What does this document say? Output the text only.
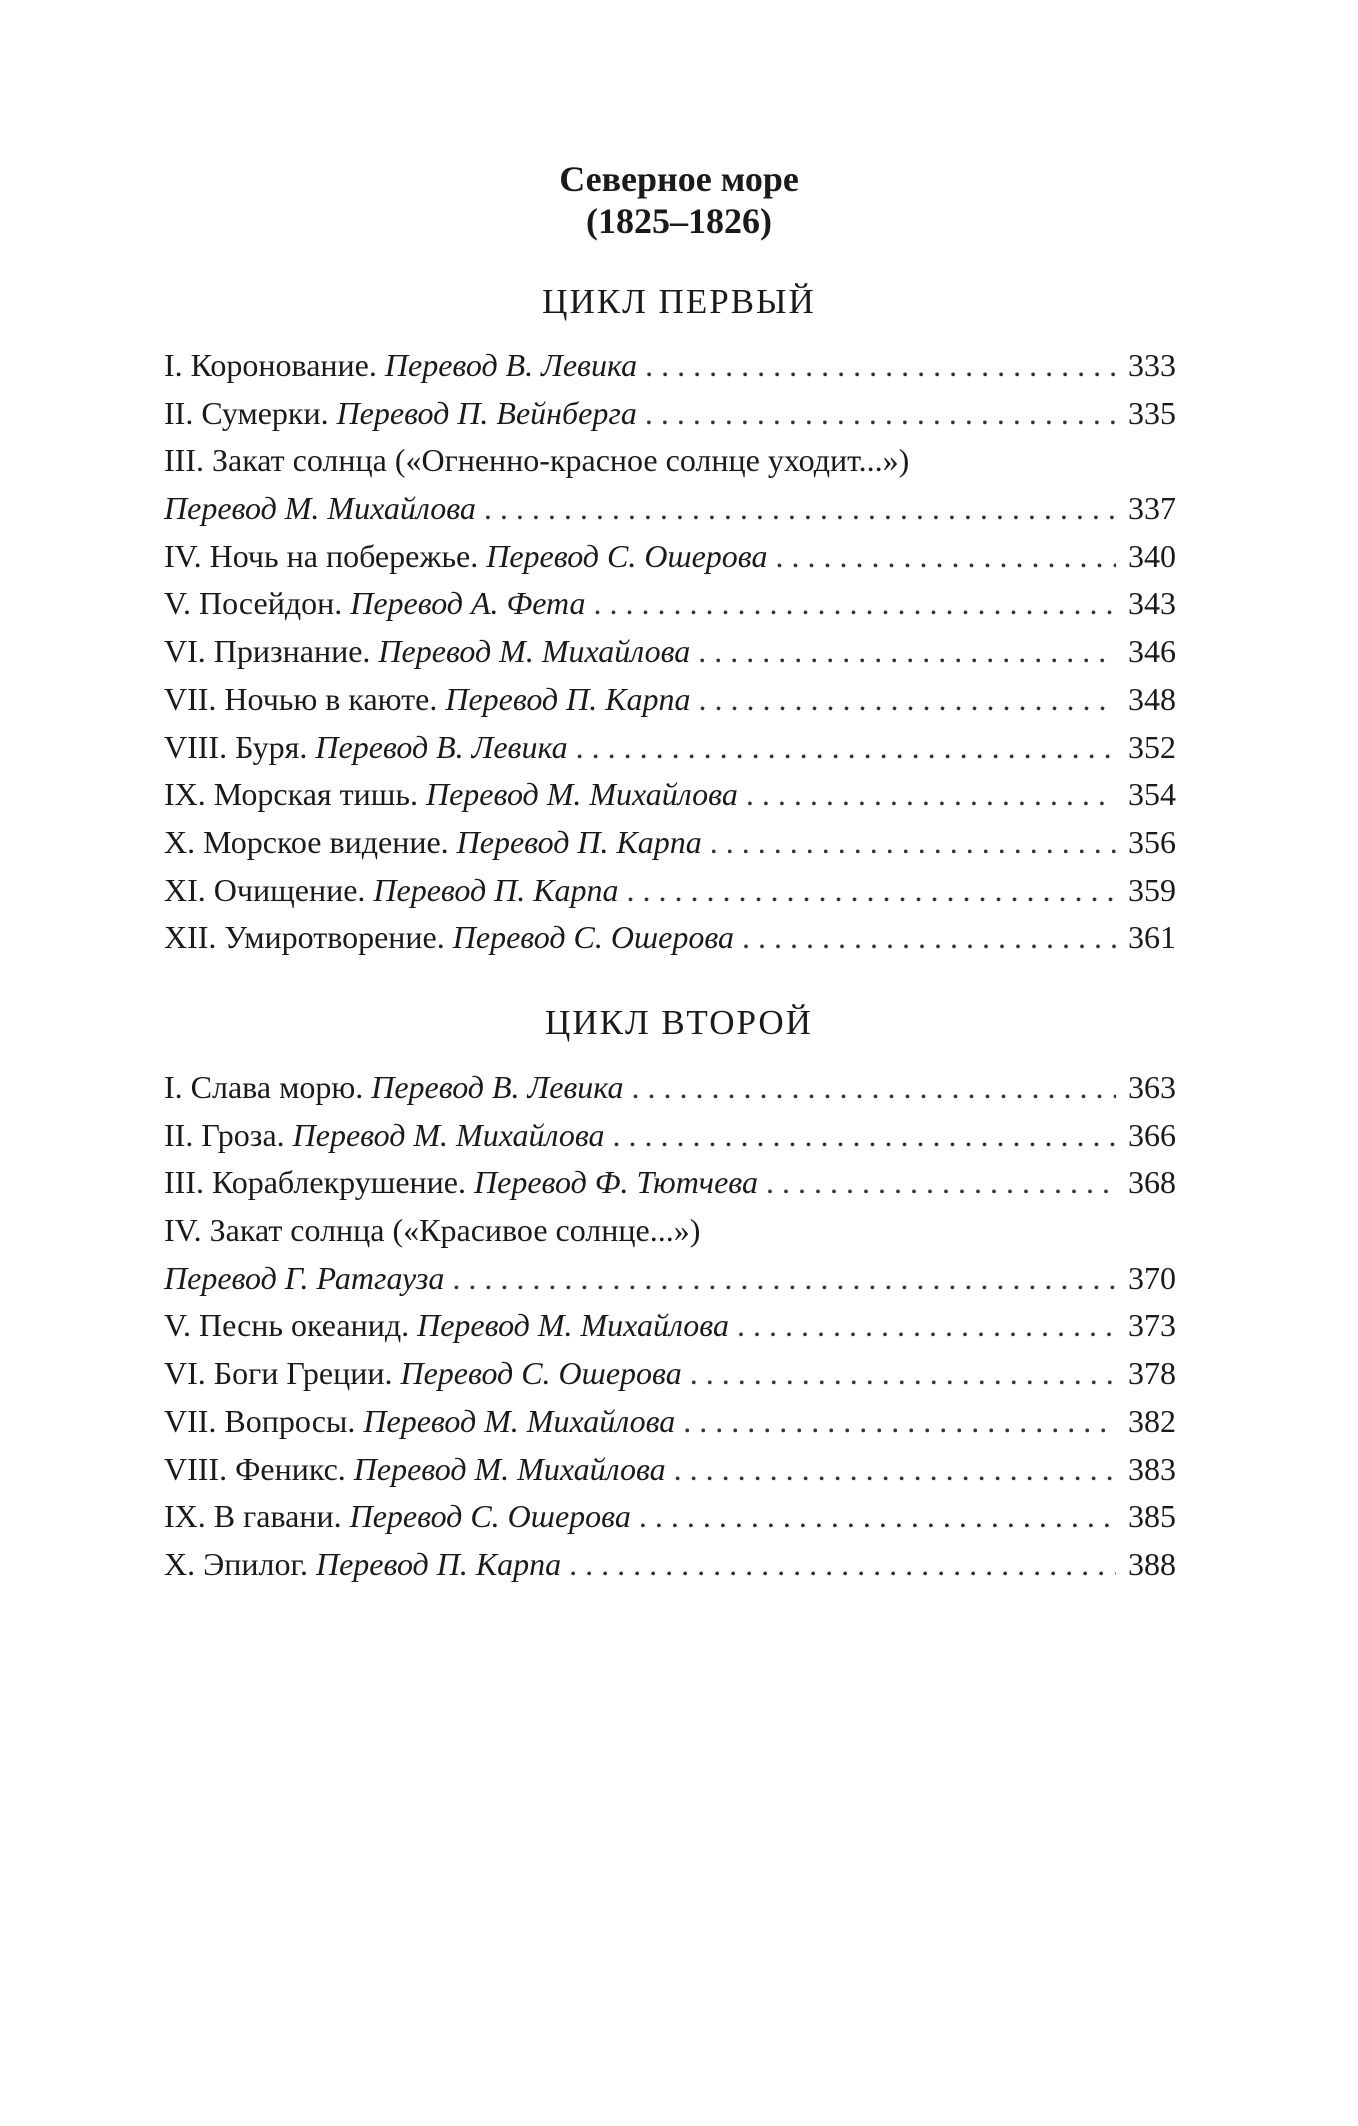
Северное море
(1825–1826)
ЦИКЛ ПЕРВЫЙ
I. Коронование. Перевод В. Левика . . .	333
II. Сумерки. Перевод П. Вейнберга . . .	335
III. Закат солнца («Огненно-красное солнце уходит...»)
Перевод М. Михайлова . . .	337
IV. Ночь на побережье. Перевод С. Ошерова . . .	340
V. Посейдон. Перевод А. Фета . . .	343
VI. Признание. Перевод М. Михайлова . . .	346
VII. Ночью в каюте. Перевод П. Карпа . . .	348
VIII. Буря. Перевод В. Левика . . .	352
IX. Морская тишь. Перевод М. Михайлова . . .	354
X. Морское видение. Перевод П. Карпа . . .	356
XI. Очищение. Перевод П. Карпа . . .	359
XII. Умиротворение. Перевод С. Ошерова . . .	361
ЦИКЛ ВТОРОЙ
I. Слава морю. Перевод В. Левика . . .	363
II. Гроза. Перевод М. Михайлова . . .	366
III. Кораблекрушение. Перевод Ф. Тютчева . . .	368
IV. Закат солнца («Красивое солнце...»)
Перевод Г. Ратгауза . . .	370
V. Песнь океанид. Перевод М. Михайлова . . .	373
VI. Боги Греции. Перевод С. Ошерова . . .	378
VII. Вопросы. Перевод М. Михайлова . . .	382
VIII. Феникс. Перевод М. Михайлова . . .	383
IX. В гавани. Перевод С. Ошерова . . .	385
X. Эпилог. Перевод П. Карпа . . .	388
